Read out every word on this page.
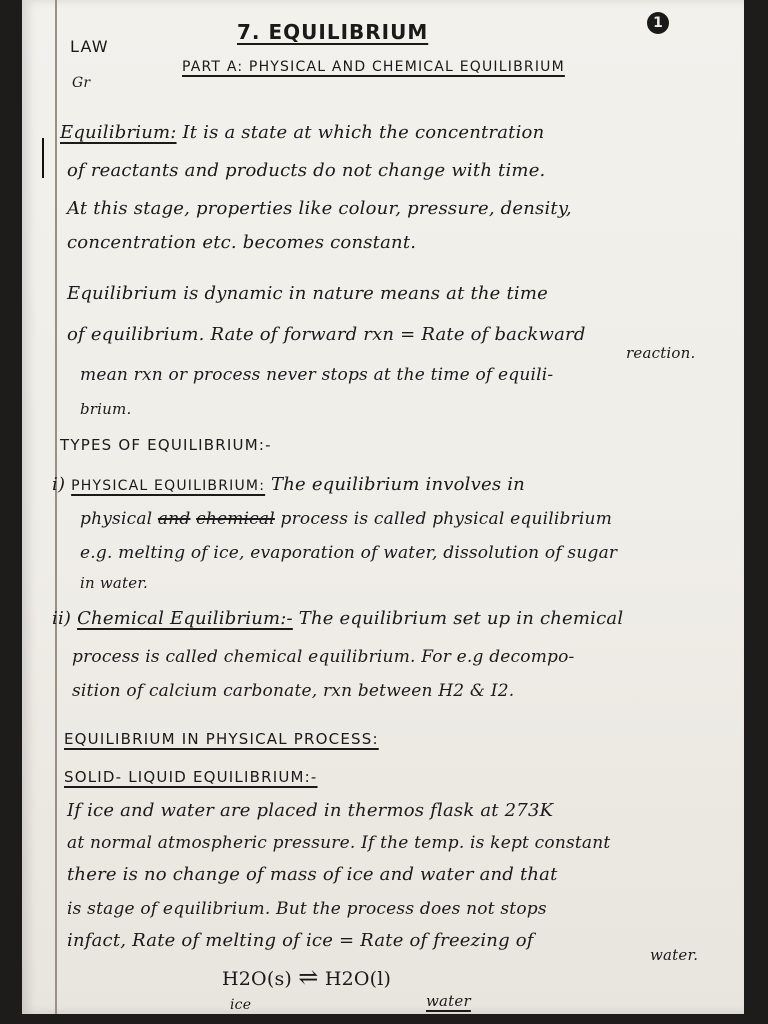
LAW
Gr
1
7. EQUILIBRIUM
PART A: PHYSICAL AND CHEMICAL EQUILIBRIUM
Equilibrium: It is a state at which the concentration
of reactants and products do not change with time.
At this stage, properties like colour, pressure, density,
concentration etc. becomes constant.
Equilibrium is dynamic in nature means at the time
of equilibrium. Rate of forward rxn = Rate of backward
reaction.
mean rxn or process never stops at the time of equili-
brium.
TYPES OF EQUILIBRIUM:-
i) PHYSICAL EQUILIBRIUM: The equilibrium involves in
physical and chemical process is called physical equilibrium
e.g. melting of ice, evaporation of water, dissolution of sugar
in water.
ii) Chemical Equilibrium:- The equilibrium set up in chemical
process is called chemical equilibrium. For e.g decompo-
sition of calcium carbonate, rxn between H2 & I2.
EQUILIBRIUM IN PHYSICAL PROCESS:
SOLID- LIQUID EQUILIBRIUM:-
If ice and water are placed in thermos flask at 273K
at normal atmospheric pressure. If the temp. is kept constant
there is no change of mass of ice and water and that
is stage of equilibrium. But the process does not stops
infact, Rate of melting of ice = Rate of freezing of
water.
H2O(s) ⇌ H2O(l)
ice	water
